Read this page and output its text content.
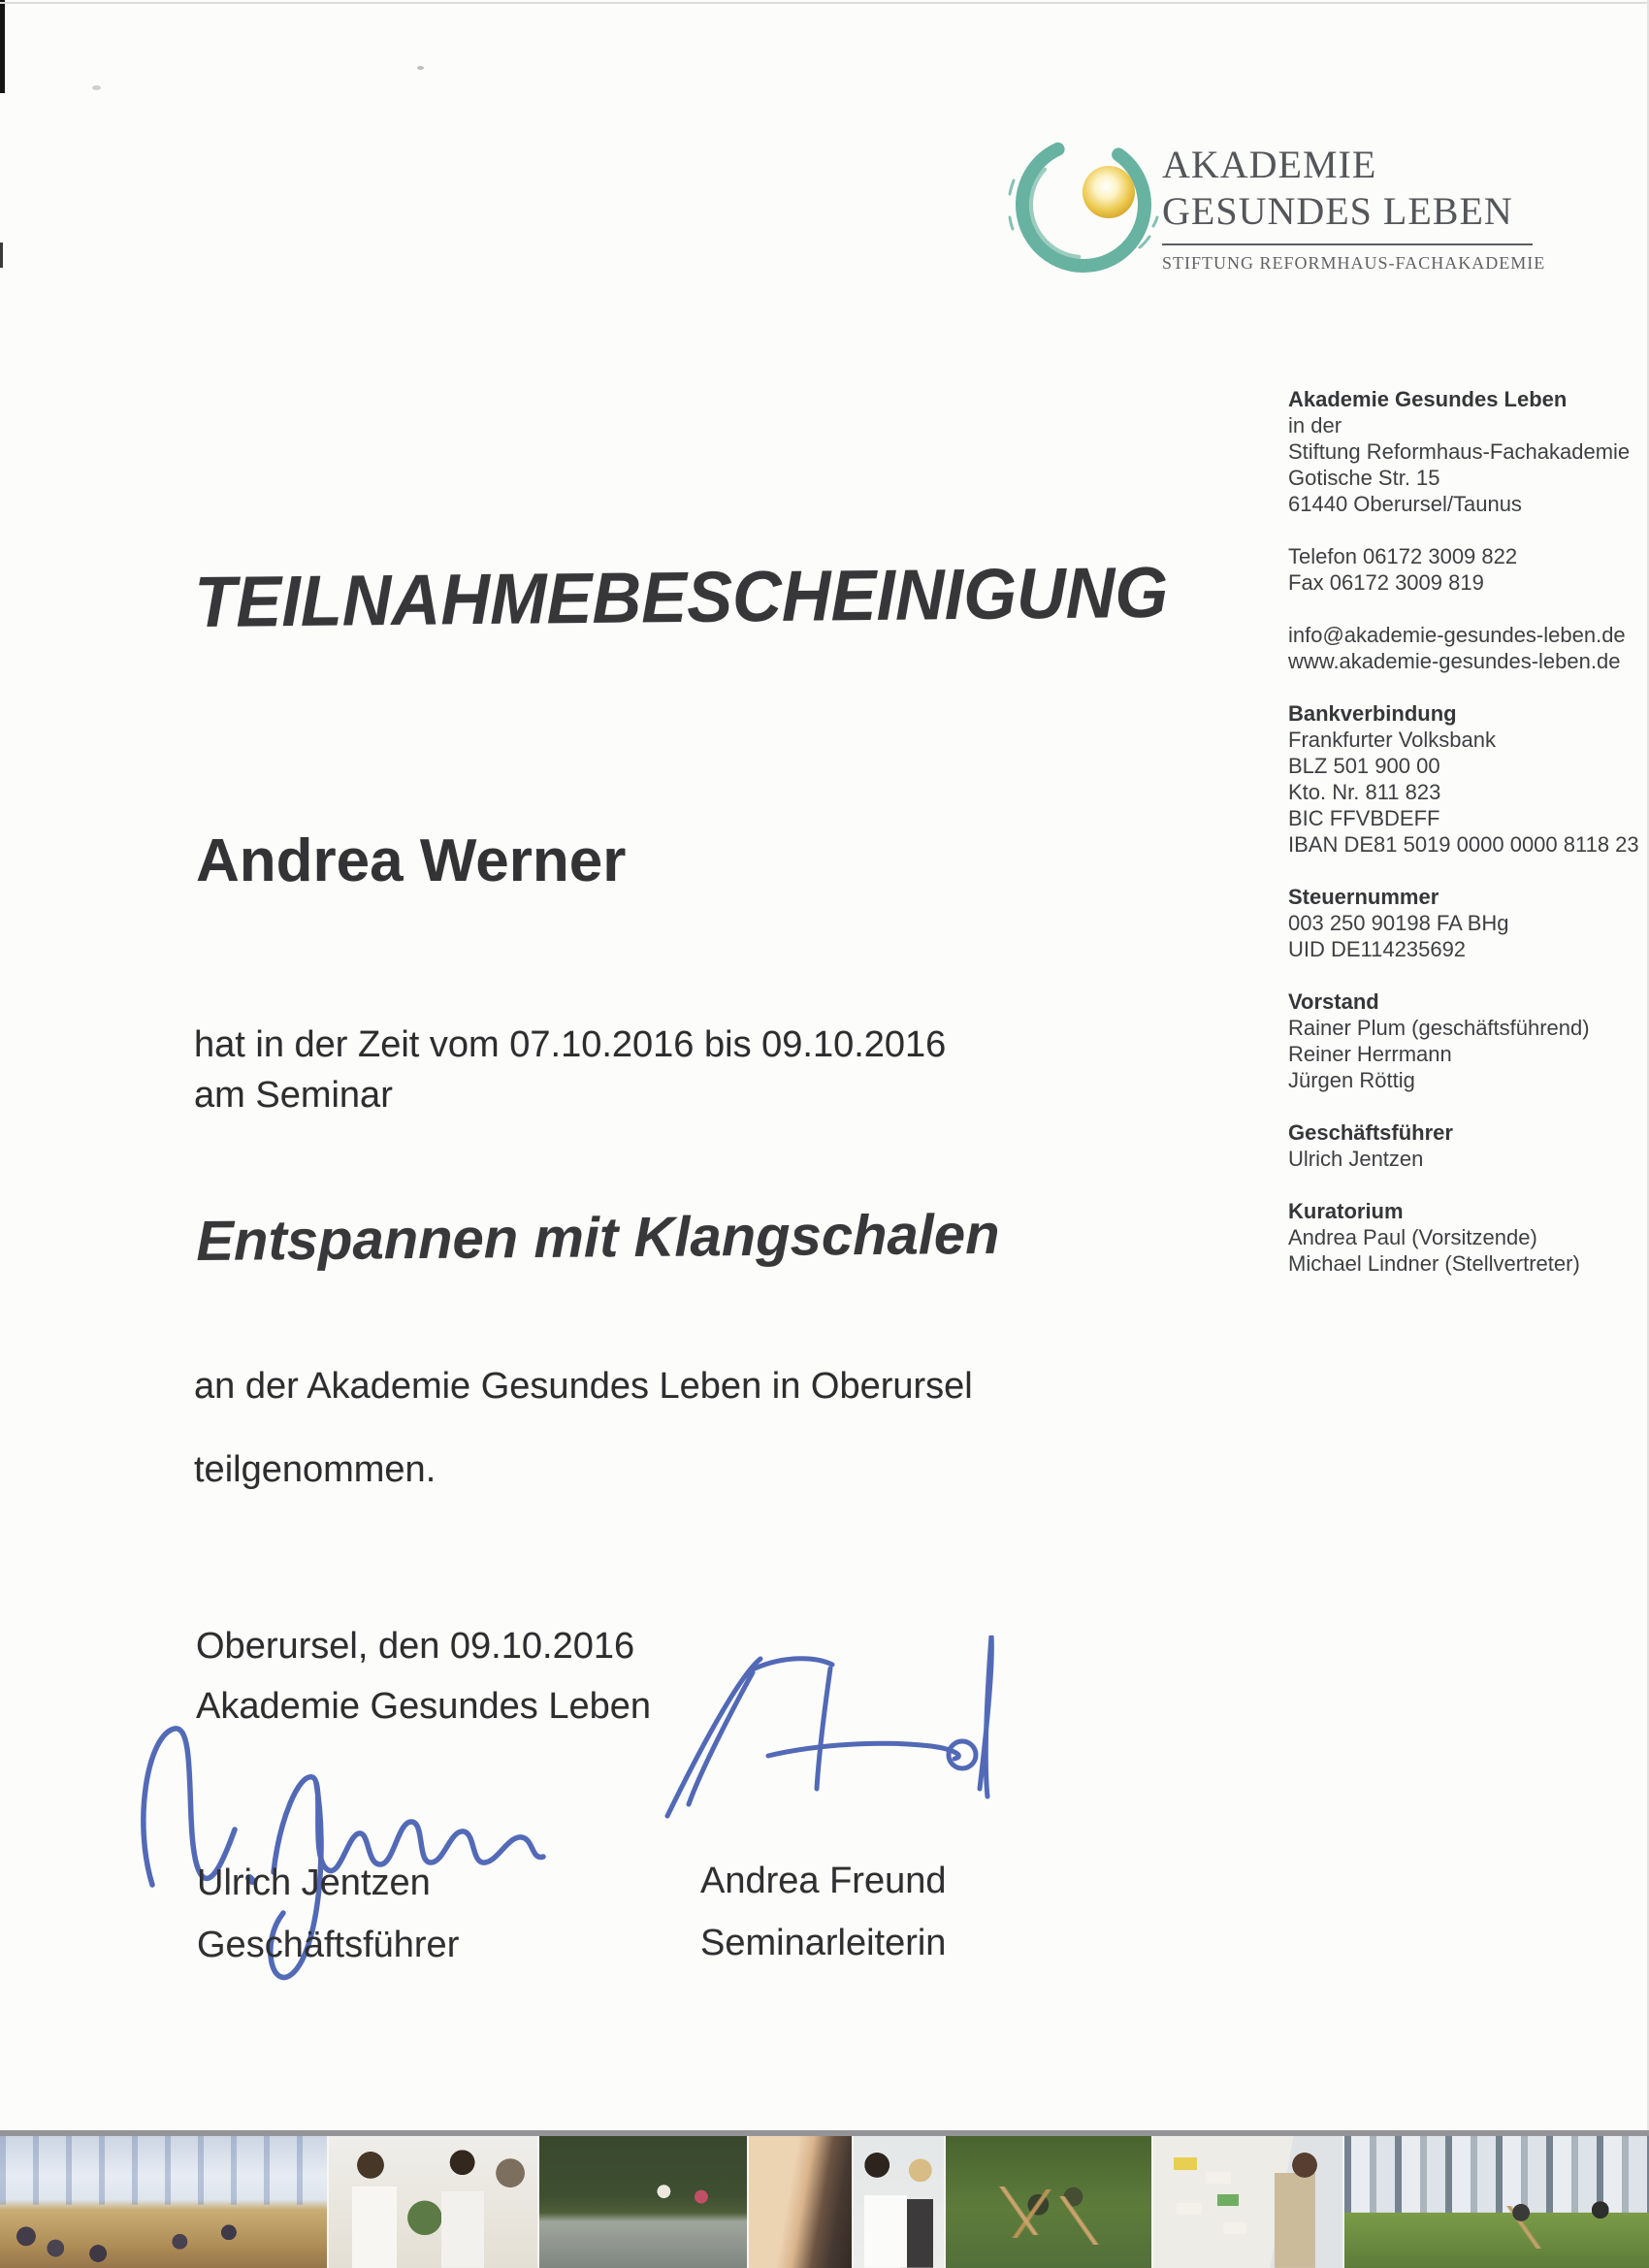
AKADEMIE
GESUNDES LEBEN
STIFTUNG REFORMHAUS-FACHAKADEMIE
Akademie Gesundes Leben
in der
Stiftung Reformhaus-Fachakademie
Gotische Str. 15
61440 Oberursel/Taunus
Telefon 06172 3009 822
Fax 06172 3009 819
info@akademie-gesundes-leben.de
www.akademie-gesundes-leben.de
Bankverbindung
Frankfurter Volksbank
BLZ 501 900 00
Kto. Nr. 811 823
BIC FFVBDEFF
IBAN DE81 5019 0000 0000 8118 23
Steuernummer
003 250 90198 FA BHg
UID DE114235692
Vorstand
Rainer Plum (geschäftsführend)
Reiner Herrmann
Jürgen Röttig
Geschäftsführer
Ulrich Jentzen
Kuratorium
Andrea Paul (Vorsitzende)
Michael Lindner (Stellvertreter)
TEILNAHMEBESCHEINIGUNG
Andrea Werner
hat in der Zeit vom 07.10.2016 bis 09.10.2016
am Seminar
Entspannen mit Klangschalen
an der Akademie Gesundes Leben in Oberursel
teilgenommen.
Oberursel, den 09.10.2016
Akademie Gesundes Leben
Ulrich Jentzen
Geschäftsführer
Andrea Freund
Seminarleiterin
